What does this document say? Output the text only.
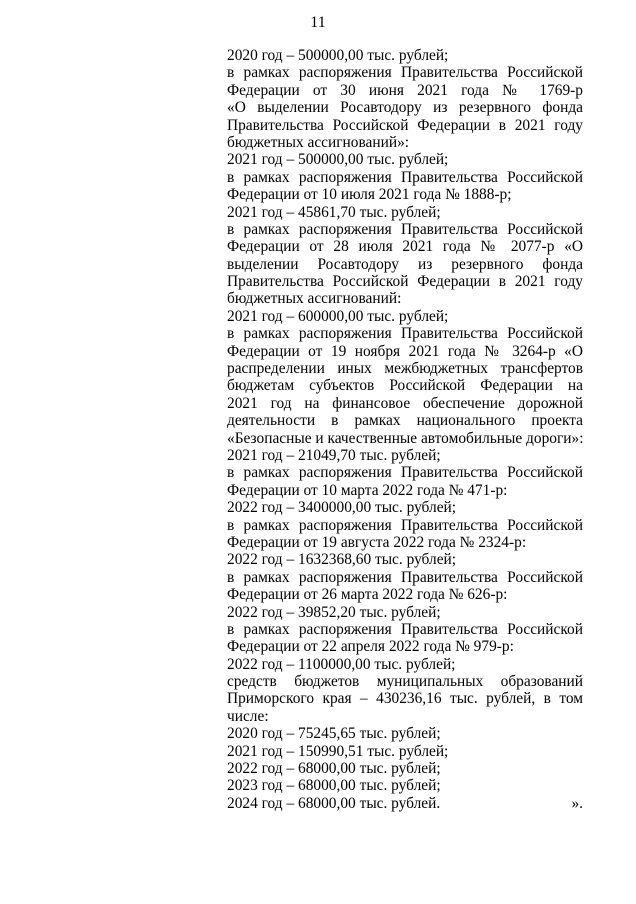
11
2020 год – 500000,00 тыс. рублей;
в рамках распоряжения Правительства Российской
Федерации от 30 июня 2021 года № 1769-р
«О выделении Росавтодору из резервного фонда
Правительства Российской Федерации в 2021 году
бюджетных ассигнований»:
2021 год – 500000,00 тыс. рублей;
в рамках распоряжения Правительства Российской
Федерации от 10 июля 2021 года № 1888-р;
2021 год – 45861,70 тыс. рублей;
в рамках распоряжения Правительства Российской
Федерации от 28 июля 2021 года № 2077-р «О
выделении Росавтодору из резервного фонда
Правительства Российской Федерации в 2021 году
бюджетных ассигнований:
2021 год – 600000,00 тыс. рублей;
в рамках распоряжения Правительства Российской
Федерации от 19 ноября 2021 года № 3264-р «О
распределении иных межбюджетных трансфертов
бюджетам субъектов Российской Федерации на
2021 год на финансовое обеспечение дорожной
деятельности в рамках национального проекта
«Безопасные и качественные автомобильные дороги»:
2021 год – 21049,70 тыс. рублей;
в рамках распоряжения Правительства Российской
Федерации от 10 марта 2022 года № 471-р:
2022 год – 3400000,00 тыс. рублей;
в рамках распоряжения Правительства Российской
Федерации от 19 августа 2022 года № 2324-р:
2022 год – 1632368,60 тыс. рублей;
в рамках распоряжения Правительства Российской
Федерации от 26 марта 2022 года № 626-р:
2022 год – 39852,20 тыс. рублей;
в рамках распоряжения Правительства Российской
Федерации от 22 апреля 2022 года № 979-р:
2022 год – 1100000,00 тыс. рублей;
средств бюджетов муниципальных образований
Приморского края – 430236,16 тыс. рублей, в том
числе:
2020 год – 75245,65 тыс. рублей;
2021 год – 150990,51 тыс. рублей;
2022 год – 68000,00 тыс. рублей;
2023 год – 68000,00 тыс. рублей;
2024 год – 68000,00 тыс. рублей.	».
